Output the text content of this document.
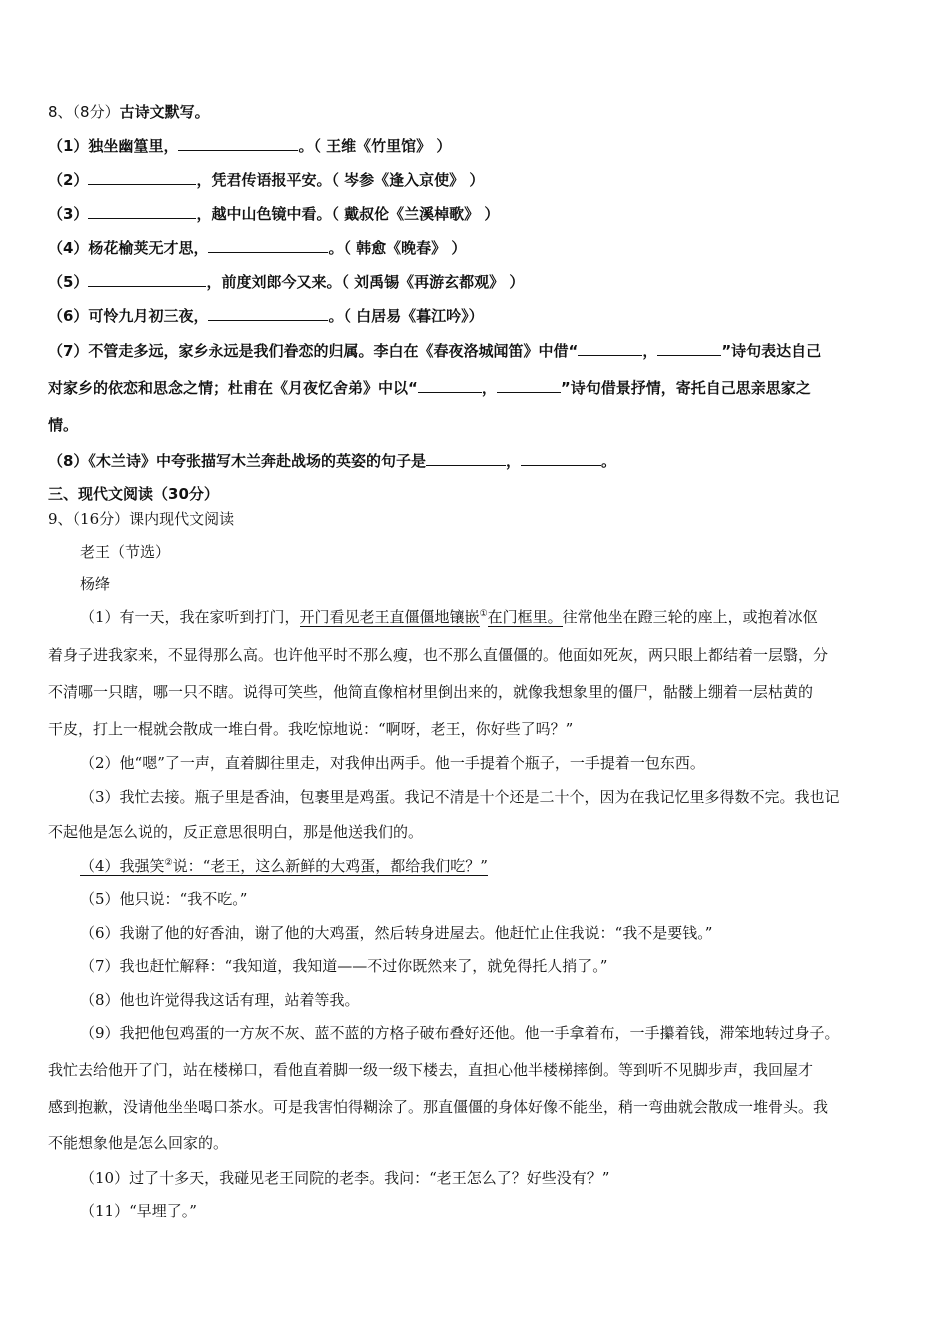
8、（8分）古诗文默写。
（1）独坐幽篁里，	。（ 王维《竹里馆》 ）
（2）	，凭君传语报平安。（ 岑参《逢入京使》 ）
（3）	，越中山色镜中看。（ 戴叔伦《兰溪棹歌》 ）
（4）杨花榆荚无才思，	。（ 韩愈《晚春》 ）
（5）	，前度刘郎今又来。（ 刘禹锡《再游玄都观》 ）
（6）可怜九月初三夜，	。（ 白居易《暮江吟》）
（7）不管走多远，家乡永远是我们眷恋的归属。李白在《春夜洛城闻笛》中借“	，	”诗句表达自己
对家乡的依恋和思念之情；杜甫在《月夜忆舍弟》中以“	，	”诗句借景抒情，寄托自己思亲思家之
情。
（8）《木兰诗》中夸张描写木兰奔赴战场的英姿的句子是	，	。
三、现代文阅读（30分）
9、（16分）课内现代文阅读
老王（节选）
杨绛
（1）有一天，我在家听到打门，开门看见老王直僵僵地镶嵌①在门框里。往常他坐在蹬三轮的座上，或抱着冰伛
着身子进我家来，不显得那么高。也许他平时不那么瘦，也不那么直僵僵的。他面如死灰，两只眼上都结着一层翳，分
不清哪一只瞎，哪一只不瞎。说得可笑些，他简直像棺材里倒出来的，就像我想象里的僵尸，骷髅上绷着一层枯黄的
干皮，打上一棍就会散成一堆白骨。我吃惊地说：“啊呀，老王，你好些了吗？”
（2）他“嗯”了一声，直着脚往里走，对我伸出两手。他一手提着个瓶子，一手提着一包东西。
（3）我忙去接。瓶子里是香油，包裹里是鸡蛋。我记不清是十个还是二十个，因为在我记忆里多得数不完。我也记
不起他是怎么说的，反正意思很明白，那是他送我们的。
（4）我强笑②说：“老王，这么新鲜的大鸡蛋，都给我们吃？”
（5）他只说：“我不吃。”
（6）我谢了他的好香油，谢了他的大鸡蛋，然后转身进屋去。他赶忙止住我说：“我不是要钱。”
（7）我也赶忙解释：“我知道，我知道——不过你既然来了，就免得托人捎了。”
（8）他也许觉得我这话有理，站着等我。
（9）我把他包鸡蛋的一方灰不灰、蓝不蓝的方格子破布叠好还他。他一手拿着布，一手攥着钱，滞笨地转过身子。
我忙去给他开了门，站在楼梯口，看他直着脚一级一级下楼去，直担心他半楼梯摔倒。等到听不见脚步声，我回屋才
感到抱歉，没请他坐坐喝口茶水。可是我害怕得糊涂了。那直僵僵的身体好像不能坐，稍一弯曲就会散成一堆骨头。我
不能想象他是怎么回家的。
（10）过了十多天，我碰见老王同院的老李。我问：“老王怎么了？好些没有？”
（11）“早埋了。”
